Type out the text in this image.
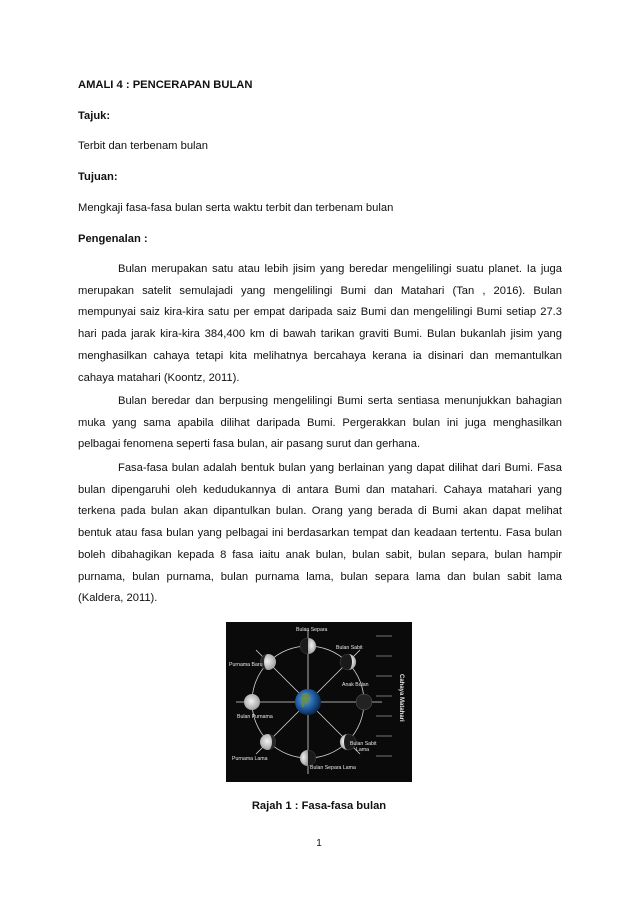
AMALI 4 : PENCERAPAN BULAN
Tajuk:
Terbit dan terbenam bulan
Tujuan:
Mengkaji fasa-fasa bulan serta waktu terbit dan terbenam bulan
Pengenalan :
Bulan merupakan satu atau lebih jisim yang beredar mengelilingi suatu planet. Ia juga merupakan satelit semulajadi yang mengelilingi Bumi dan Matahari (Tan , 2016). Bulan mempunyai saiz kira-kira satu per empat daripada saiz Bumi dan mengelilingi Bumi setiap 27.3 hari pada jarak kira-kira 384,400 km di bawah tarikan graviti Bumi. Bulan bukanlah jisim yang menghasilkan cahaya tetapi kita melihatnya bercahaya kerana ia disinari dan memantulkan cahaya matahari (Koontz, 2011).
Bulan beredar dan berpusing mengelilingi Bumi serta sentiasa menunjukkan bahagian muka yang sama apabila dilihat daripada Bumi. Pergerakkan bulan ini juga menghasilkan pelbagai fenomena seperti fasa bulan, air pasang surut dan gerhana.
Fasa-fasa bulan adalah bentuk bulan yang berlainan yang dapat dilihat dari Bumi. Fasa bulan dipengaruhi oleh kedudukannya di antara Bumi dan matahari. Cahaya matahari yang terkena pada bulan akan dipantulkan bulan. Orang yang berada di Bumi akan dapat melihat bentuk atau fasa bulan yang pelbagai ini berdasarkan tempat dan keadaan tertentu. Fasa bulan boleh dibahagikan kepada 8 fasa iaitu anak bulan, bulan sabit, bulan separa, bulan hampir purnama, bulan purnama, bulan purnama lama, bulan separa lama dan bulan sabit lama (Kaldera, 2011).
Bulan Separa
Bulan Sabit
Purnama Baru
Anak Bulan
Bulan Purnama
Bulan Sabit
Lama
Purnama Lama
Bulan Separa Lama
Cahaya Matahari
Rajah 1 : Fasa-fasa bulan
1
